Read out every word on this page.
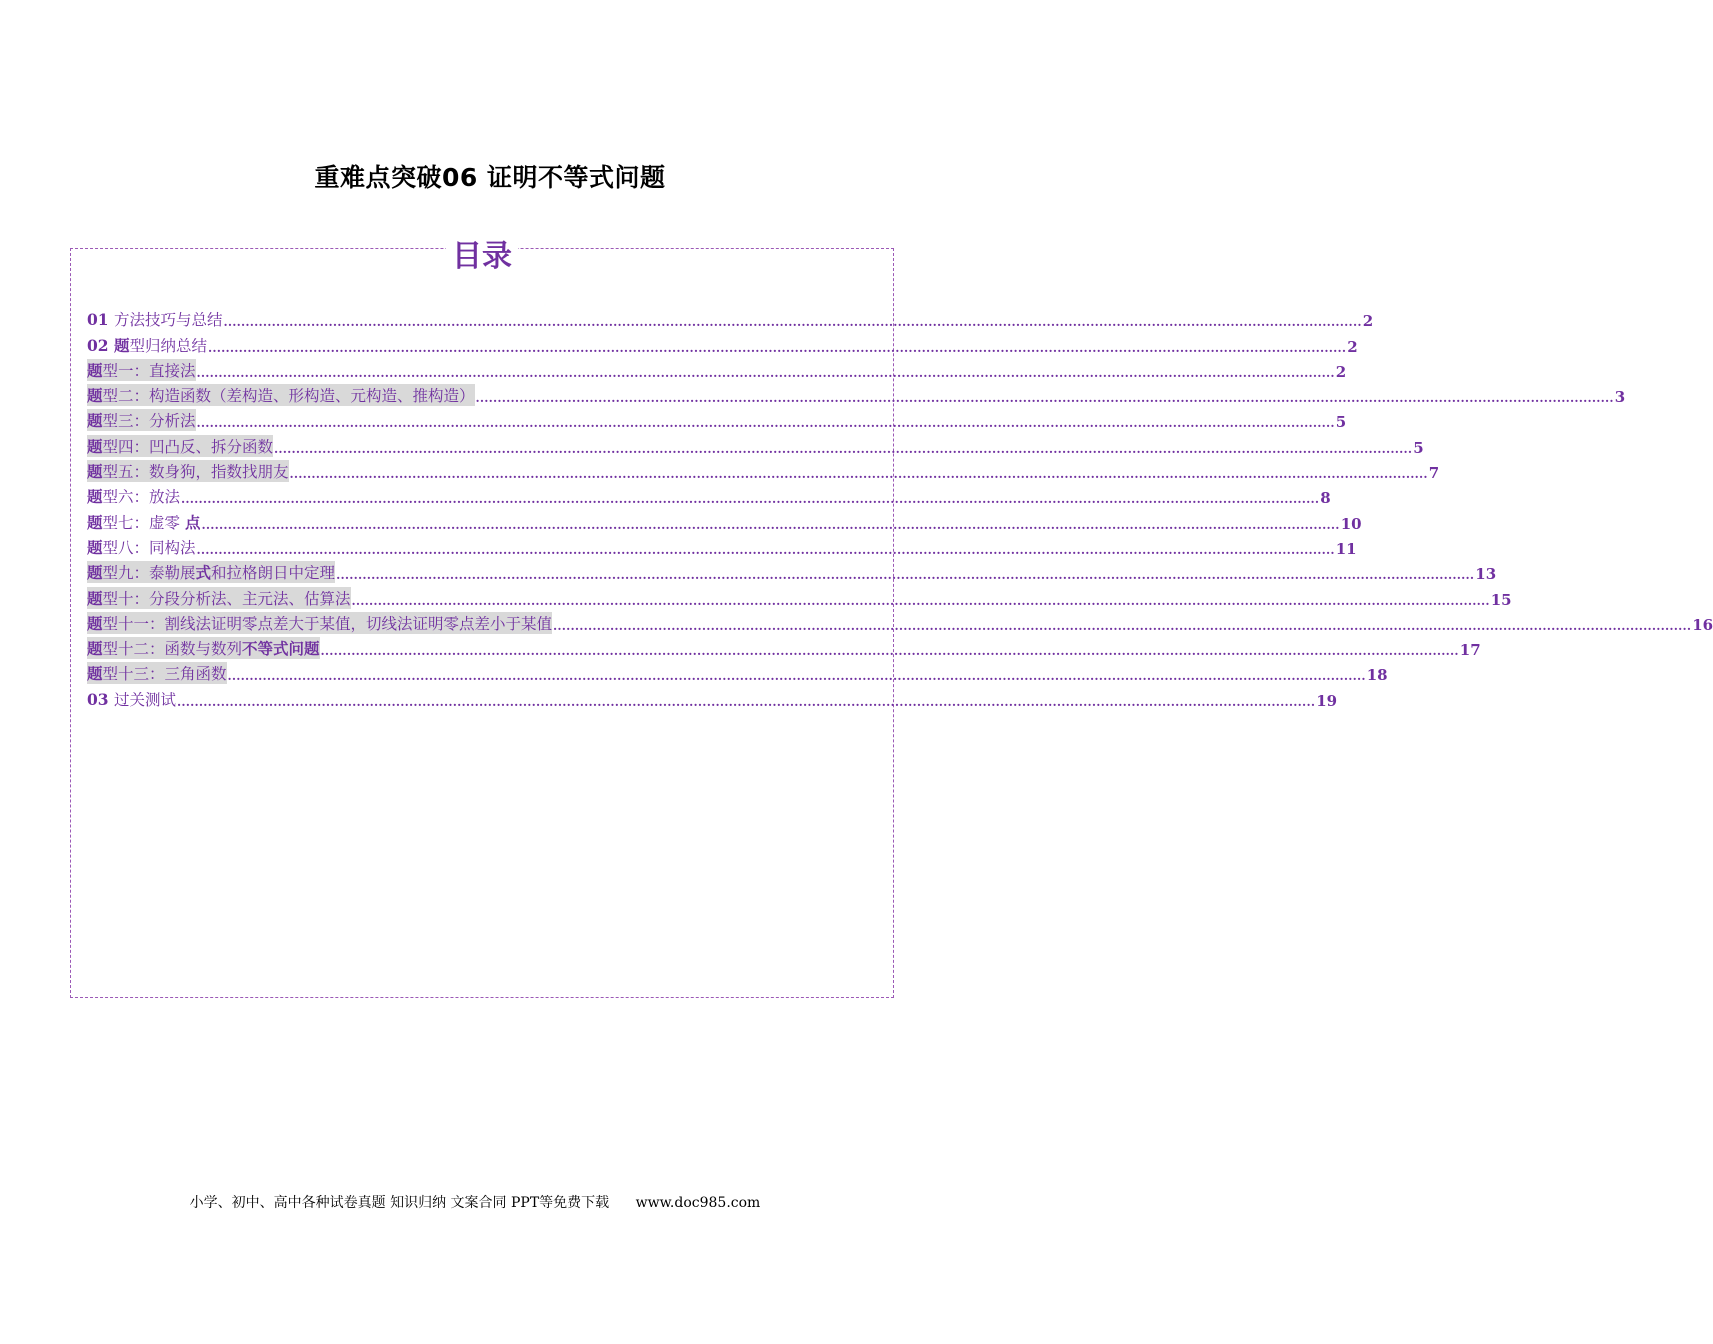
重难点突破06 证明不等式问题
目录
01 方法技巧与总结 .................................................................................................................................................................................................................................................................... 2
02 题型归纳总结 .................................................................................................................................................................................................................................................................... 2
题型一：直接法 .................................................................................................................................................................................................................................................................... 2
题型二：构造函数（差构造、形构造、元构造、推构造） .................................................................................................................................................................................................................................................................... 3
题型三：分析法 .................................................................................................................................................................................................................................................................... 5
题型四：凹凸反、拆分函数 .................................................................................................................................................................................................................................................................... 5
题型五：数身狗，指数找朋友 .................................................................................................................................................................................................................................................................... 7
题型六：放法 .................................................................................................................................................................................................................................................................... 8
题型七：虚零 点 .................................................................................................................................................................................................................................................................... 10
题型八：同构法 .................................................................................................................................................................................................................................................................... 11
题型九：泰勒展式和拉格朗日中定理 .................................................................................................................................................................................................................................................................... 13
题型十：分段分析法、主元法、估算法 .................................................................................................................................................................................................................................................................... 15
题型十一：割线法证明零点差大于某值，切线法证明零点差小于某值 .................................................................................................................................................................................................................................................................... 16
题型十二：函数与数列不等式问题 .................................................................................................................................................................................................................................................................... 17
题型十三：三角函数 .................................................................................................................................................................................................................................................................... 18
03 过关测试 .................................................................................................................................................................................................................................................................... 19
小学、初中、高中各种试卷真题 知识归纳 文案合同 PPT等免费下载 www.doc985.com
